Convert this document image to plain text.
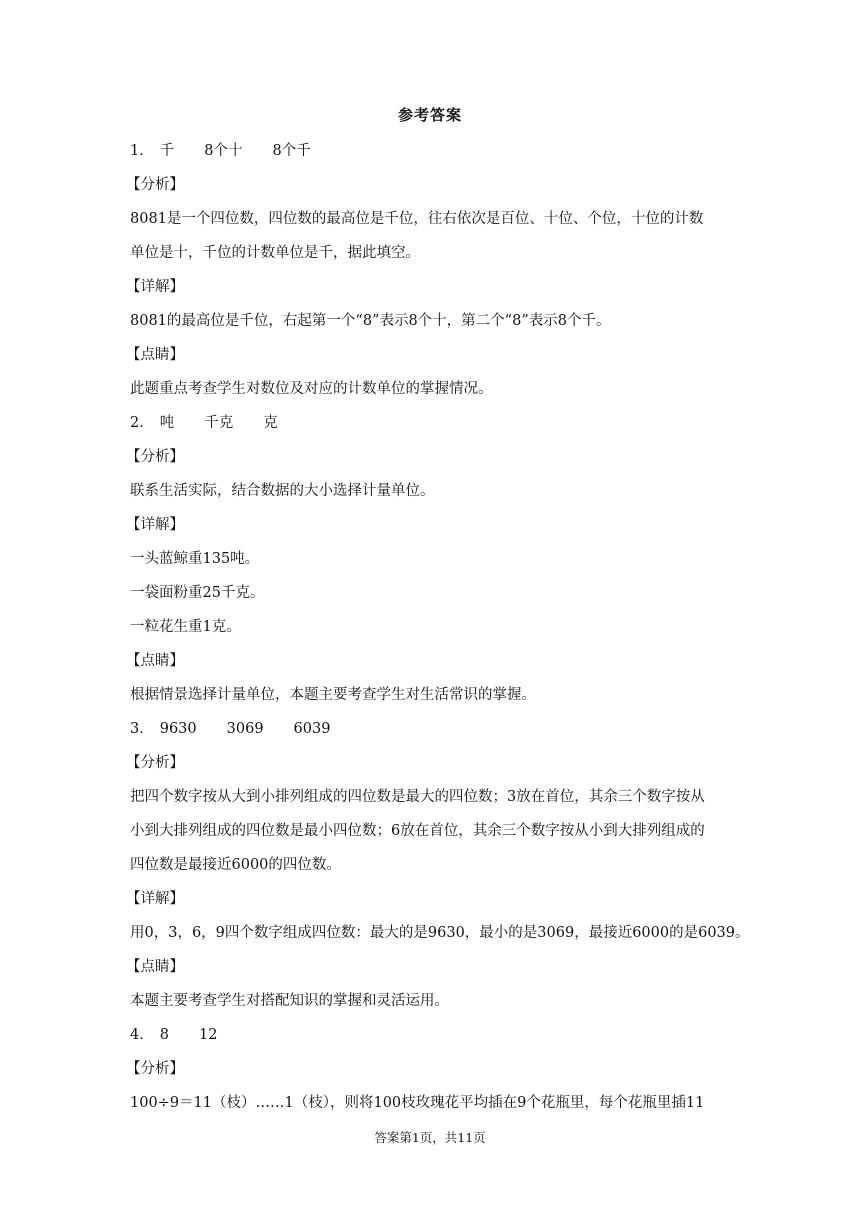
参考答案
1． 千 8个十 8个千
【分析】
8081是一个四位数，四位数的最高位是千位，往右依次是百位、十位、个位，十位的计数
单位是十，千位的计数单位是千，据此填空。
【详解】
8081的最高位是千位，右起第一个“8”表示8个十，第二个“8”表示8个千。
【点睛】
此题重点考查学生对数位及对应的计数单位的掌握情况。
2． 吨 千克 克
【分析】
联系生活实际，结合数据的大小选择计量单位。
【详解】
一头蓝鲸重135吨。
一袋面粉重25千克。
一粒花生重1克。
【点睛】
根据情景选择计量单位，本题主要考查学生对生活常识的掌握。
3． 9630 3069 6039
【分析】
把四个数字按从大到小排列组成的四位数是最大的四位数；3放在首位，其余三个数字按从
小到大排列组成的四位数是最小四位数；6放在首位，其余三个数字按从小到大排列组成的
四位数是最接近6000的四位数。
【详解】
用0，3，6，9四个数字组成四位数：最大的是9630，最小的是3069，最接近6000的是6039。
【点睛】
本题主要考查学生对搭配知识的掌握和灵活运用。
4． 8 12
【分析】
100÷9＝11（枝）……1（枝），则将100枝玫瑰花平均插在9个花瓶里，每个花瓶里插11
答案第1页，共11页
